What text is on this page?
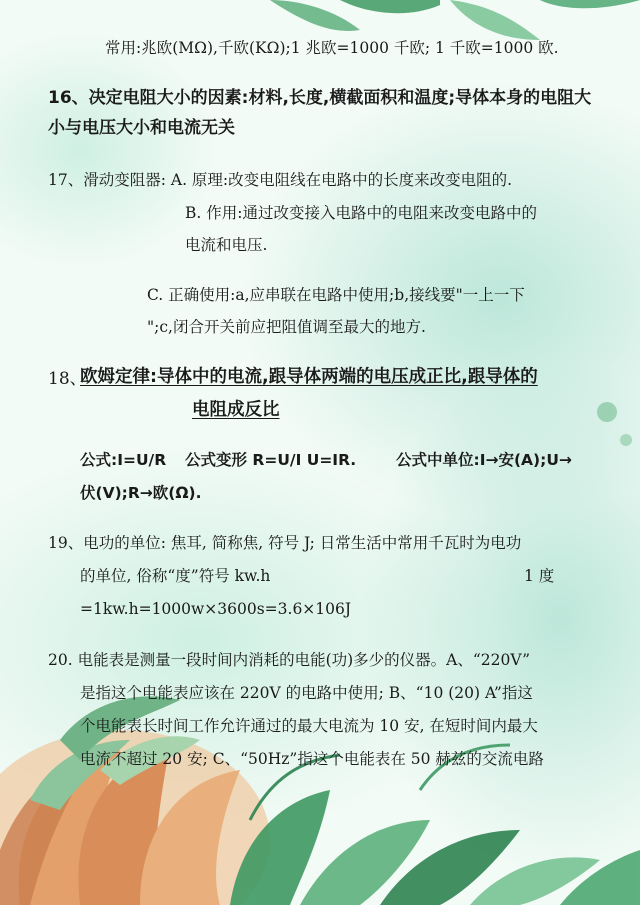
常用:兆欧(MΩ),千欧(KΩ);1 兆欧=1000 千欧; 1 千欧=1000 欧.
16、决定电阻大小的因素:材料,长度,横截面积和温度;导体本身的电阻大
小与电压大小和电流无关
17、滑动变阻器: A. 原理:改变电阻线在电路中的长度来改变电阻的.
B. 作用:通过改变接入电路中的电阻来改变电路中的
电流和电压.
C. 正确使用:a,应串联在电路中使用;b,接线要"一上一下
";c,闭合开关前应把阻值调至最大的地方.
18、
欧姆定律:导体中的电流,跟导体两端的电压成正比,跟导体的
电阻成反比
公式:I=U/R 公式变形 R=U/I U=IR.	公式中单位:I→安(A);U→
伏(V);R→欧(Ω).
19、电功的单位: 焦耳, 简称焦, 符号 J; 日常生活中常用千瓦时为电功
的单位, 俗称“度”符号 kw.h	1 度
=1kw.h=1000w×3600s=3.6×106J
20. 电能表是测量一段时间内消耗的电能(功)多少的仪器。A、“220V”
是指这个电能表应该在 220V 的电路中使用; B、“10 (20) A”指这
个电能表长时间工作允许通过的最大电流为 10 安, 在短时间内最大
电流不超过 20 安; C、“50Hz”指这个电能表在 50 赫兹的交流电路
